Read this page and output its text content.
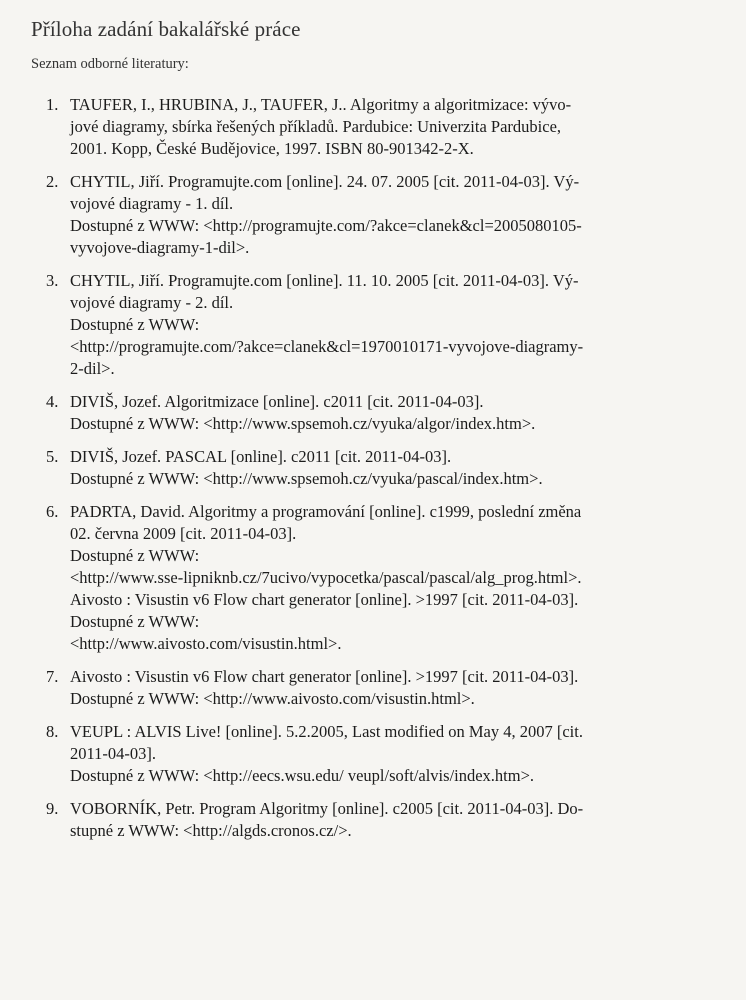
Příloha zadání bakalářské práce
Seznam odborné literatury:
1. TAUFER, I., HRUBINA, J., TAUFER, J.. Algoritmy a algoritmizace: vývo-
jové diagramy, sbírka řešených příkladů. Pardubice: Univerzita Pardubice,
2001. Kopp, České Budějovice, 1997. ISBN 80-901342-2-X.
2. CHYTIL, Jiří. Programujte.com [online]. 24. 07. 2005 [cit. 2011-04-03]. Vý-
vojové diagramy - 1. díl.
Dostupné z WWW: <http://programujte.com/?akce=clanek&cl=2005080105-
vyvojove-diagramy-1-dil>.
3. CHYTIL, Jiří. Programujte.com [online]. 11. 10. 2005 [cit. 2011-04-03]. Vý-
vojové diagramy - 2. díl.
Dostupné z WWW:
<http://programujte.com/?akce=clanek&cl=1970010171-vyvojove-diagramy-
2-dil>.
4. DIVIŠ, Jozef. Algoritmizace [online]. c2011 [cit. 2011-04-03].
Dostupné z WWW: <http://www.spsemoh.cz/vyuka/algor/index.htm>.
5. DIVIŠ, Jozef. PASCAL [online]. c2011 [cit. 2011-04-03].
Dostupné z WWW: <http://www.spsemoh.cz/vyuka/pascal/index.htm>.
6. PADRTA, David. Algoritmy a programování [online]. c1999, poslední změna
02. června 2009 [cit. 2011-04-03].
Dostupné z WWW:
<http://www.sse-lipniknb.cz/7ucivo/vypocetka/pascal/pascal/alg_prog.html>.
Aivosto : Visustin v6 Flow chart generator [online]. >1997 [cit. 2011-04-03].
Dostupné z WWW:
<http://www.aivosto.com/visustin.html>.
7. Aivosto : Visustin v6 Flow chart generator [online]. >1997 [cit. 2011-04-03].
Dostupné z WWW: <http://www.aivosto.com/visustin.html>.
8. VEUPL : ALVIS Live! [online]. 5.2.2005, Last modified on May 4, 2007 [cit.
2011-04-03].
Dostupné z WWW: <http://eecs.wsu.edu/ veupl/soft/alvis/index.htm>.
9. VOBORNÍK, Petr. Program Algoritmy [online]. c2005 [cit. 2011-04-03]. Do-
stupné z WWW: <http://algds.cronos.cz/>.
